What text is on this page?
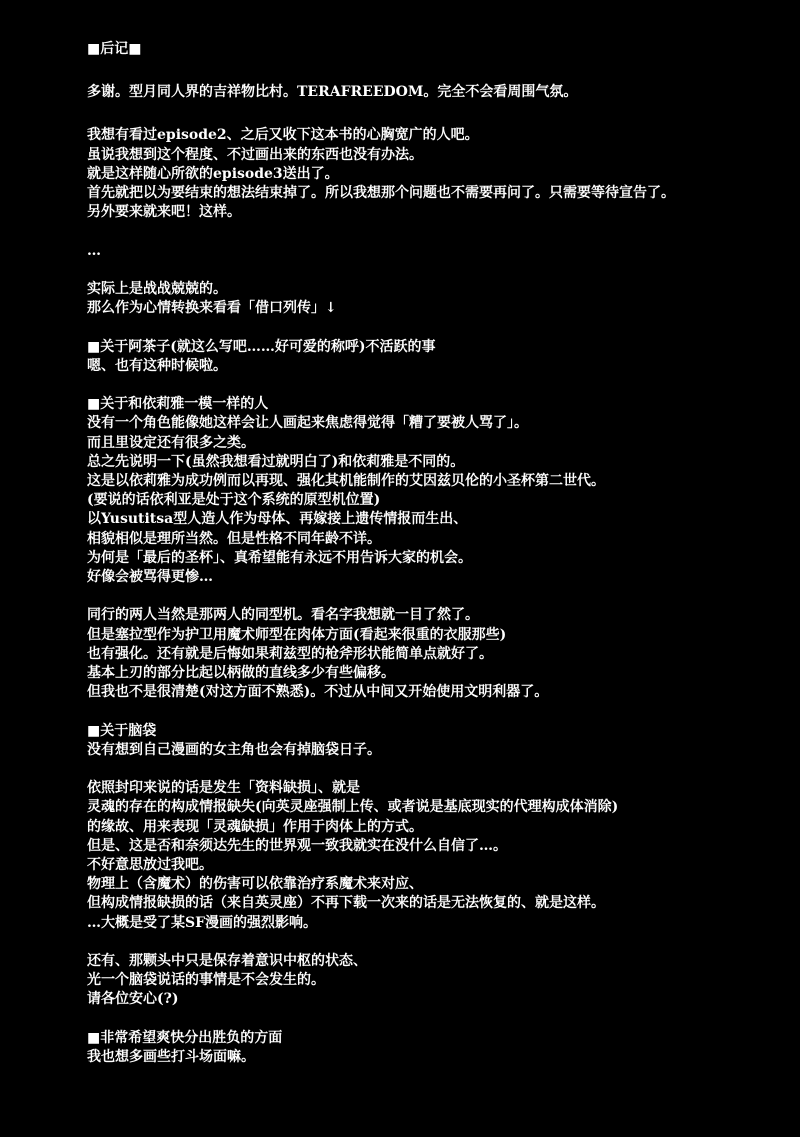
■后记■
多谢。型月同人界的吉祥物比村。TERAFREEDOM。完全不会看周围气氛。
我想有看过episode2、之后又收下这本书的心胸宽广的人吧。
虽说我想到这个程度、不过画出来的东西也没有办法。
就是这样随心所欲的episode3送出了。
首先就把以为要结束的想法结束掉了。所以我想那个问题也不需要再问了。只需要等待宣告了。
另外要来就来吧！这样。
…
实际上是战战兢兢的。
那么作为心情转换来看看「借口列传」↓
■关于阿茶子(就这么写吧……好可爱的称呼)不活跃的事
嗯、也有这种时候啦。
■关于和依莉雅一模一样的人
没有一个角色能像她这样会让人画起来焦虑得觉得「糟了要被人骂了」。
而且里设定还有很多之类。
总之先说明一下(虽然我想看过就明白了)和依莉雅是不同的。
这是以依莉雅为成功例而以再现、强化其机能制作的艾因兹贝伦的小圣杯第二世代。
(要说的话依利亚是处于这个系统的原型机位置)
以Yusutitsa型人造人作为母体、再嫁接上遗传情报而生出、
相貌相似是理所当然。但是性格不同年龄不详。
为何是「最后的圣杯」、真希望能有永远不用告诉大家的机会。
好像会被骂得更惨…
同行的两人当然是那两人的同型机。看名字我想就一目了然了。
但是塞拉型作为护卫用魔术师型在肉体方面(看起来很重的衣服那些)
也有强化。还有就是后悔如果莉兹型的枪斧形状能简单点就好了。
基本上刃的部分比起以柄做的直线多少有些偏移。
但我也不是很清楚(对这方面不熟悉)。不过从中间又开始使用文明利器了。
■关于脑袋
没有想到自己漫画的女主角也会有掉脑袋日子。
依照封印来说的话是发生「资料缺损」、就是
灵魂的存在的构成情报缺失(向英灵座强制上传、或者说是基底现实的代理构成体消除)
的缘故、用来表现「灵魂缺损」作用于肉体上的方式。
但是、这是否和奈须达先生的世界观一致我就实在没什么自信了…。
不好意思放过我吧。
物理上（含魔术）的伤害可以依靠治疗系魔术来对应、
但构成情报缺损的话（来自英灵座）不再下载一次来的话是无法恢复的、就是这样。
…大概是受了某SF漫画的强烈影响。
还有、那颗头中只是保存着意识中枢的状态、
光一个脑袋说话的事情是不会发生的。
请各位安心(?)
■非常希望爽快分出胜负的方面
我也想多画些打斗场面嘛。
